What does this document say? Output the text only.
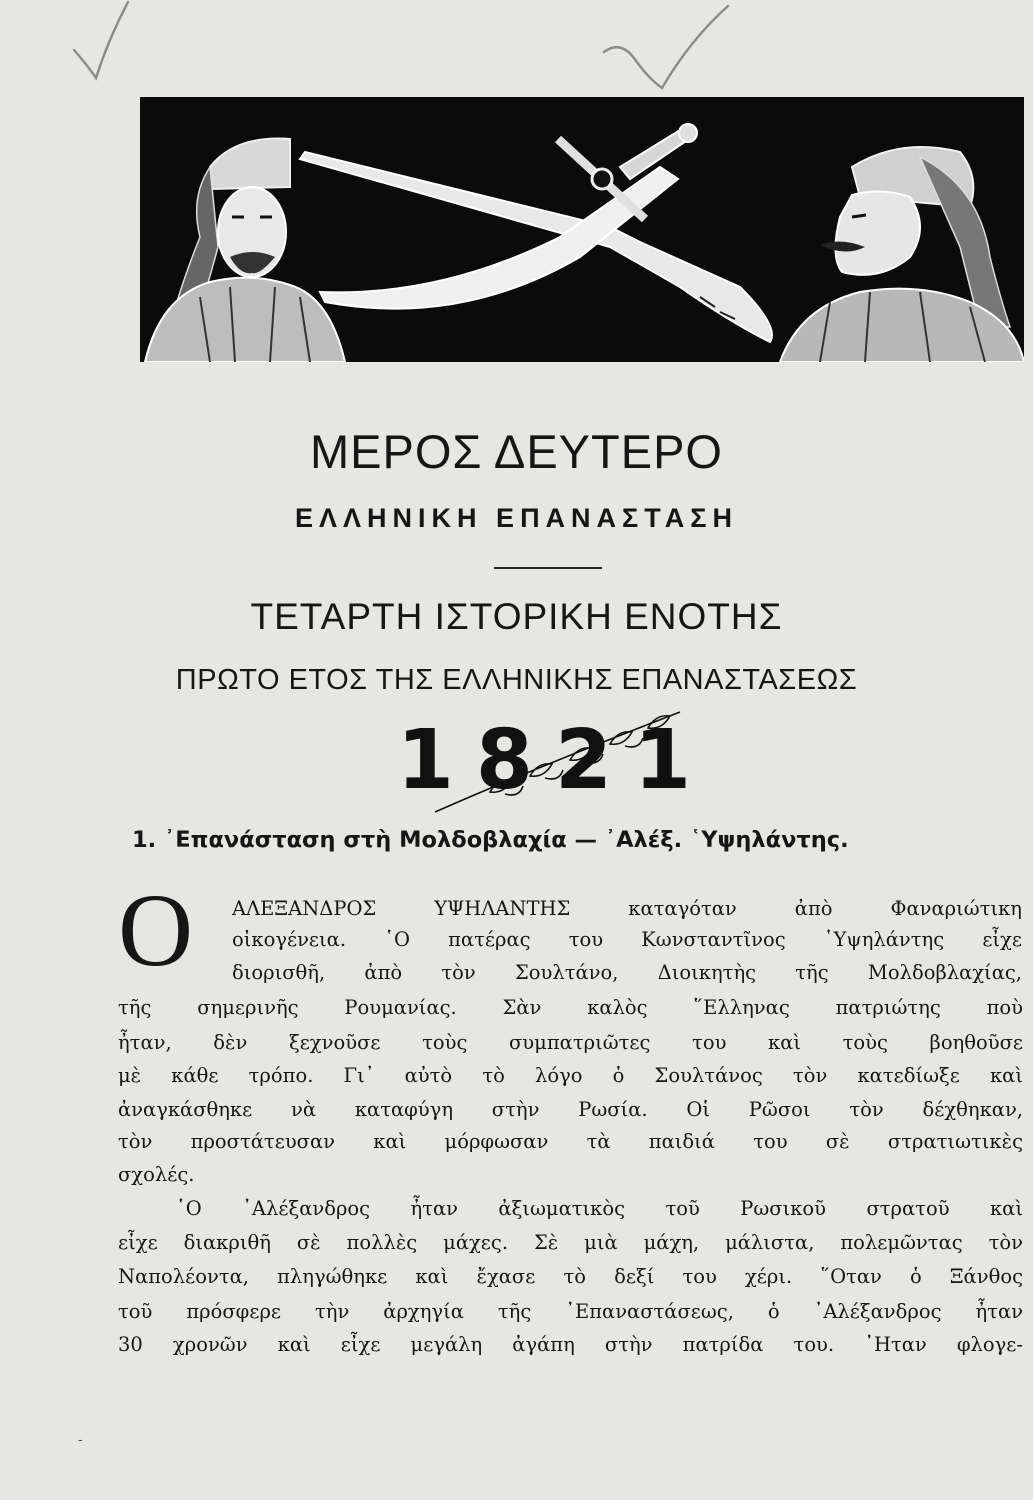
ΜΕΡΟΣ ΔΕΥΤΕΡΟ
ΕΛΛΗΝΙΚΗ ΕΠΑΝΑΣΤΑΣΗ
ΤΕΤΑΡΤΗ ΙΣΤΟΡΙΚΗ ΕΝΟΤΗΣ
ΠΡΩΤΟ ΕΤΟΣ ΤΗΣ ΕΛΛΗΝΙΚΗΣ ΕΠΑΝΑΣΤΑΣΕΩΣ
1821
1. ᾿Επανάσταση στὴ Μολδοβλαχία — ᾿Αλέξ. ῾Υψηλάντης.
Ο ΑΛΕΞΑΝΔΡΟΣ ΥΨΗΛΑΝΤΗΣ καταγόταν ἀπὸ Φαναριώτικη
οἰκογένεια. ῾Ο πατέρας του Κωνσταντῖνος ῾Υψηλάντης εἶχε
διορισθῆ, ἀπὸ τὸν Σουλτάνο, Διοικητὴς τῆς Μολδοβλαχίας,
τῆς σημερινῆς Ρουμανίας. Σὰν καλὸς ῞Ελληνας πατριώτης ποὺ
ἦταν, δὲν ξεχνοῦσε τοὺς συμπατριῶτες του καὶ τοὺς βοηθοῦσε
μὲ κάθε τρόπο. Γι᾿ αὐτὸ τὸ λόγο ὁ Σουλτάνος τὸν κατεδίωξε καὶ
ἀναγκάσθηκε νὰ καταφύγη στὴν Ρωσία. Οἱ Ρῶσοι τὸν δέχθηκαν,
τὸν προστάτευσαν καὶ μόρφωσαν τὰ παιδιά του σὲ στρατιωτικὲς
σχολές.
῾Ο ᾿Αλέξανδρος ἦταν ἀξιωματικὸς τοῦ Ρωσικοῦ στρατοῦ καὶ
εἶχε διακριθῆ σὲ πολλὲς μάχες. Σὲ μιὰ μάχη, μάλιστα, πολεμῶντας τὸν
Ναπολέοντα, πληγώθηκε καὶ ἔχασε τὸ δεξί του χέρι. ῞Οταν ὁ Ξάνθος
τοῦ πρόσφερε τὴν ἀρχηγία τῆς ᾿Επαναστάσεως, ὁ ᾿Αλέξανδρος ἦταν
30 χρονῶν καὶ εἶχε μεγάλη ἀγάπη στὴν πατρίδα του. ᾿Ηταν φλογε-
-
